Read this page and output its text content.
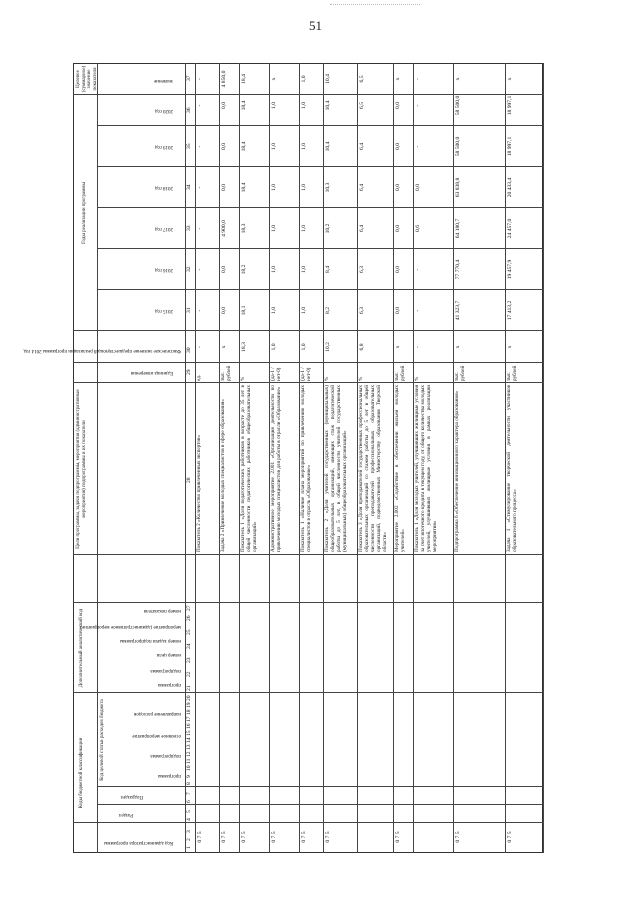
51
Коды бюджетной классификации
Дополнительный аналитический код
Цели программы, задачи подпрограммы, мероприятия (административные мероприятия) подпрограммы и их показатели
Годы реализации программы
Целевое (суммарное) значение показателя
Код администратора программы
Раздел
Подраздел
Код целевой статьи расходов бюджета	программа
подпрограмма
основное мероприятие
направление расходов
программа
подпрограмма
номер цели
номер задачи подпрограммы
мероприятие (административное мероприятие)
номер показателя
Единица измерения
Фактическое значение предшествующий реализации программы 2014 год
2015 год
2016 год
2017 год
2018 год
2019 год
2020 год
значение
1
2
3
4
5
6
7
8
9
10
11
12
13
14
15
16
17
18
19
20
21
22
23
24
25
26
27
28
29
30
31
32
33
34
35
36
37
0 7 5
Показатель 2 «Количество привлеченных экспертов»
ед.
-
-
-
-
-
-
-
-
0 7 5
Задача 2 «Привлечение молодых специалистов в сфере образования»
тыс. рублей
х
0,0
0,0
4 900,0
0,0
0,0
0,0
4 850,0
0 7 5
Показатель 1 «Доля педагогических работников в возрасте до 35 лет в общей численности педагогических работников общеобразовательных организаций»
%
18,3
18,1
18,2
18,3
18,4
18,4
18,4
18,4
0 7 5
Административное мероприятие 2.001 «Организация деятельности по привлечению молодых специалистов для работы в отрасли «Образование»
(да-1 / нет-0)
1,0
1,0
1,0
1,0
1,0
1,0
1,0
х
0 7 5
Показатель 1 «Наличие плана мероприятий по привлечению молодых специалистов в отрасль «Образование»
(да-1 / нет-0)
1,0
1,0
1,0
1,0
1,0
1,0
1,0
1,0
0 7 5
Показатель 2 «Доля учителей государственных (муниципальных) общеобразовательных организаций, имеющих стаж педагогической работы до 5 лет, в общей численности учителей государственных (муниципальных) общеобразовательных организаций»
%
10,2
8,2
8,4
10,2
10,3
10,4
10,4
10,4
Показатель 3 «Доля преподавателей государственных профессиональных образовательных организаций со стажем работы до 5 лет в общей численности преподавателей профессиональных образовательных организаций, подведомственных Министерству образования Тверской области»
%
6,8
6,3
6,3
6,4
6,4
6,4
6,5
6,5
0 7 5
Мероприятие 2.002 «Содействие в обеспечении жильем молодых учителей»
тыс. рублей
х
0,0
0,0
0,0
0,0
0,0
0,0
х
Показатель 1 «Доля молодых учителей, улучшивших жилищные условия за счет ипотечного кредита в текущем году, от общего количества молодых учителей, улучшивших жилищные условия в рамках реализации мероприятия»
%
-
-
-
0,6
0,0
-
-
-
0 7 5
Подпрограмма 6 «Обеспечение инновационного характера образования»
тыс. рублей
х
41 323,7
77 770,4
64 180,7
63 838,8
58 500,0
58 500,0
х
0 7 5
Задача 1 «Стимулирование творческой деятельности участников образовательного процесса»
тыс. рублей
х
17 413,2
19 457,9
24 457,0
20 433,4
18 997,1
18 997,1
х
